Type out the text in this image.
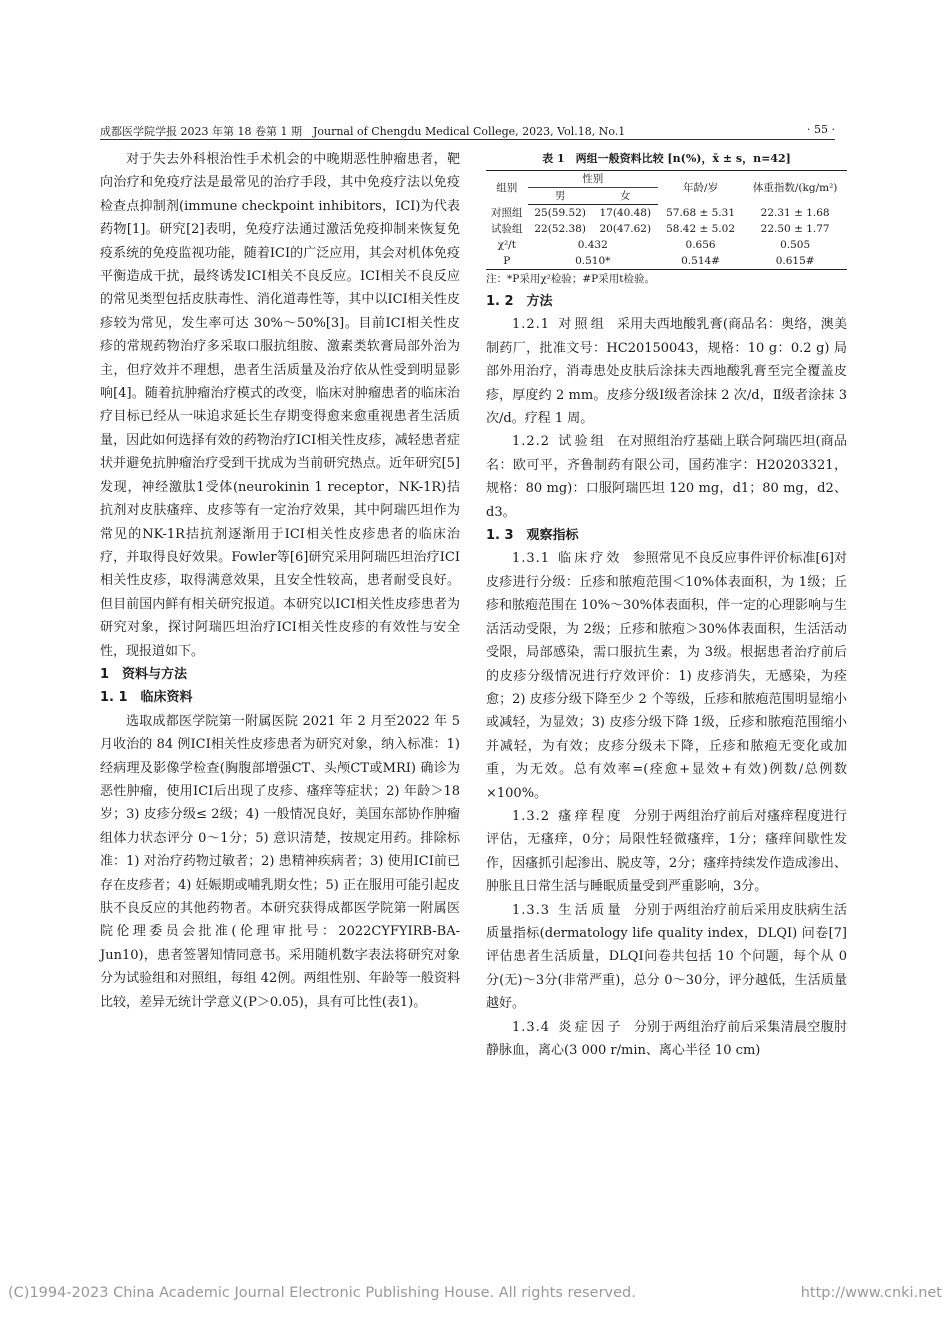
成都医学院学报 2023 年第 18 卷第 1 期　Journal of Chengdu Medical College, 2023, Vol.18, No.1	· 55 ·

对于失去外科根治性手术机会的中晚期恶性肿瘤患者，靶向治疗和免疫疗法是最常见的治疗手段，其中免疫疗法以免疫检查点抑制剂(immune checkpoint inhibitors，ICI)为代表药物[1]。研究[2]表明，免疫疗法通过激活免疫抑制来恢复免疫系统的免疫监视功能，随着ICI的广泛应用，其会对机体免疫平衡造成干扰，最终诱发ICI相关不良反应。ICI相关不良反应的常见类型包括皮肤毒性、消化道毒性等，其中以ICI相关性皮疹较为常见，发生率可达 30%～50%[3]。目前ICI相关性皮疹的常规药物治疗多采取口服抗组胺、激素类软膏局部外治为主，但疗效并不理想，患者生活质量及治疗依从性受到明显影响[4]。随着抗肿瘤治疗模式的改变，临床对肿瘤患者的临床治疗目标已经从一味追求延长生存期变得愈来愈重视患者生活质量，因此如何选择有效的药物治疗ICI相关性皮疹，减轻患者症状并避免抗肿瘤治疗受到干扰成为当前研究热点。近年研究[5]发现，神经激肽1受体(neurokinin 1 receptor，NK-1R)拮抗剂对皮肤瘙痒、皮疹等有一定治疗效果，其中阿瑞匹坦作为常见的NK-1R拮抗剂逐渐用于ICI相关性皮疹患者的临床治疗，并取得良好效果。Fowler等[6]研究采用阿瑞匹坦治疗ICI相关性皮疹，取得满意效果，且安全性较高，患者耐受良好。但目前国内鲜有相关研究报道。本研究以ICI相关性皮疹患者为研究对象，探讨阿瑞匹坦治疗ICI相关性皮疹的有效性与安全性，现报道如下。

1　资料与方法
1. 1　临床资料

选取成都医学院第一附属医院 2021 年 2 月至2022 年 5 月收治的 84 例ICI相关性皮疹患者为研究对象，纳入标准：1) 经病理及影像学检查(胸腹部增强CT、头颅CT或MRI) 确诊为恶性肿瘤，使用ICI后出现了皮疹、瘙痒等症状；2) 年龄＞18岁；3) 皮疹分级≤ 2级；4) 一般情况良好，美国东部协作肿瘤组体力状态评分 0～1分；5) 意识清楚，按规定用药。排除标准：1) 对治疗药物过敏者；2) 患精神疾病者；3) 使用ICI前已存在皮疹者；4) 妊娠期或哺乳期女性；5) 正在服用可能引起皮肤不良反应的其他药物者。本研究获得成都医学院第一附属医院伦理委员会批准(伦理审批号：2022CYFYIRB-BA-Jun10)，患者签署知情同意书。采用随机数字表法将研究对象分为试验组和对照组，每组 42例。两组性别、年龄等一般资料比较，差异无统计学意义(P＞0.05)，具有可比性(表1)。

表 1　两组一般资料比较 [n(%)，x̄ ± s，n=42]
组别	性别		年龄/岁	体重指数/(kg/m²)
	男	女		
对照组	25(59.52)	17(40.48)	57.68 ± 5.31	22.31 ± 1.68
试验组	22(52.38)	20(47.62)	58.42 ± 5.02	22.50 ± 1.77
χ²/t	0.432		0.656	0.505
P	0.510*		0.514#	0.615#
注：*P采用χ²检验；#P采用t检验。
1. 2　方法

1.2.1 对照组 采用夫西地酸乳膏(商品名：奥络，澳美制药厂，批准文号：HC20150043，规格：10 g：0.2 g) 局部外用治疗，消毒患处皮肤后涂抹夫西地酸乳膏至完全覆盖皮疹，厚度约 2 mm。皮疹分级Ⅰ级者涂抹 2 次/d，Ⅱ级者涂抹 3 次/d。疗程 1 周。

1.2.2 试验组 在对照组治疗基础上联合阿瑞匹坦(商品名：欧可平，齐鲁制药有限公司，国药准字：H20203321，规格：80 mg)：口服阿瑞匹坦 120 mg，d1；80 mg，d2、d3。

1. 3　观察指标

1.3.1 临床疗效 参照常见不良反应事件评价标准[6]对皮疹进行分级：丘疹和脓疱范围＜10%体表面积，为 1级；丘疹和脓疱范围在 10%～30%体表面积，伴一定的心理影响与生活活动受限，为 2级；丘疹和脓疱＞30%体表面积，生活活动受限，局部感染，需口服抗生素，为 3级。根据患者治疗前后的皮疹分级情况进行疗效评价：1) 皮疹消失，无感染，为痊愈；2) 皮疹分级下降至少 2 个等级，丘疹和脓疱范围明显缩小或减轻，为显效；3) 皮疹分级下降 1级，丘疹和脓疱范围缩小并减轻，为有效；皮疹分级未下降，丘疹和脓疱无变化或加重，为无效。总有效率=(痊愈+显效+有效)例数/总例数×100%。

1.3.2 瘙痒程度 分别于两组治疗前后对瘙痒程度进行评估，无瘙痒，0分；局限性轻微瘙痒，1分；瘙痒间歇性发作，因瘙抓引起渗出、脱皮等，2分；瘙痒持续发作造成渗出、肿胀且日常生活与睡眠质量受到严重影响，3分。

1.3.3 生活质量 分别于两组治疗前后采用皮肤病生活质量指标(dermatology life quality index，DLQI) 问卷[7]评估患者生活质量，DLQI问卷共包括 10 个问题，每个从 0 分(无)～3分(非常严重)，总分 0～30分，评分越低，生活质量越好。

1.3.4 炎症因子 分别于两组治疗前后采集清晨空腹肘静脉血，离心(3 000 r/min、离心半径 10 cm)

(C)1994-2023 China Academic Journal Electronic Publishing House. All rights reserved.	http://www.cnki.net
